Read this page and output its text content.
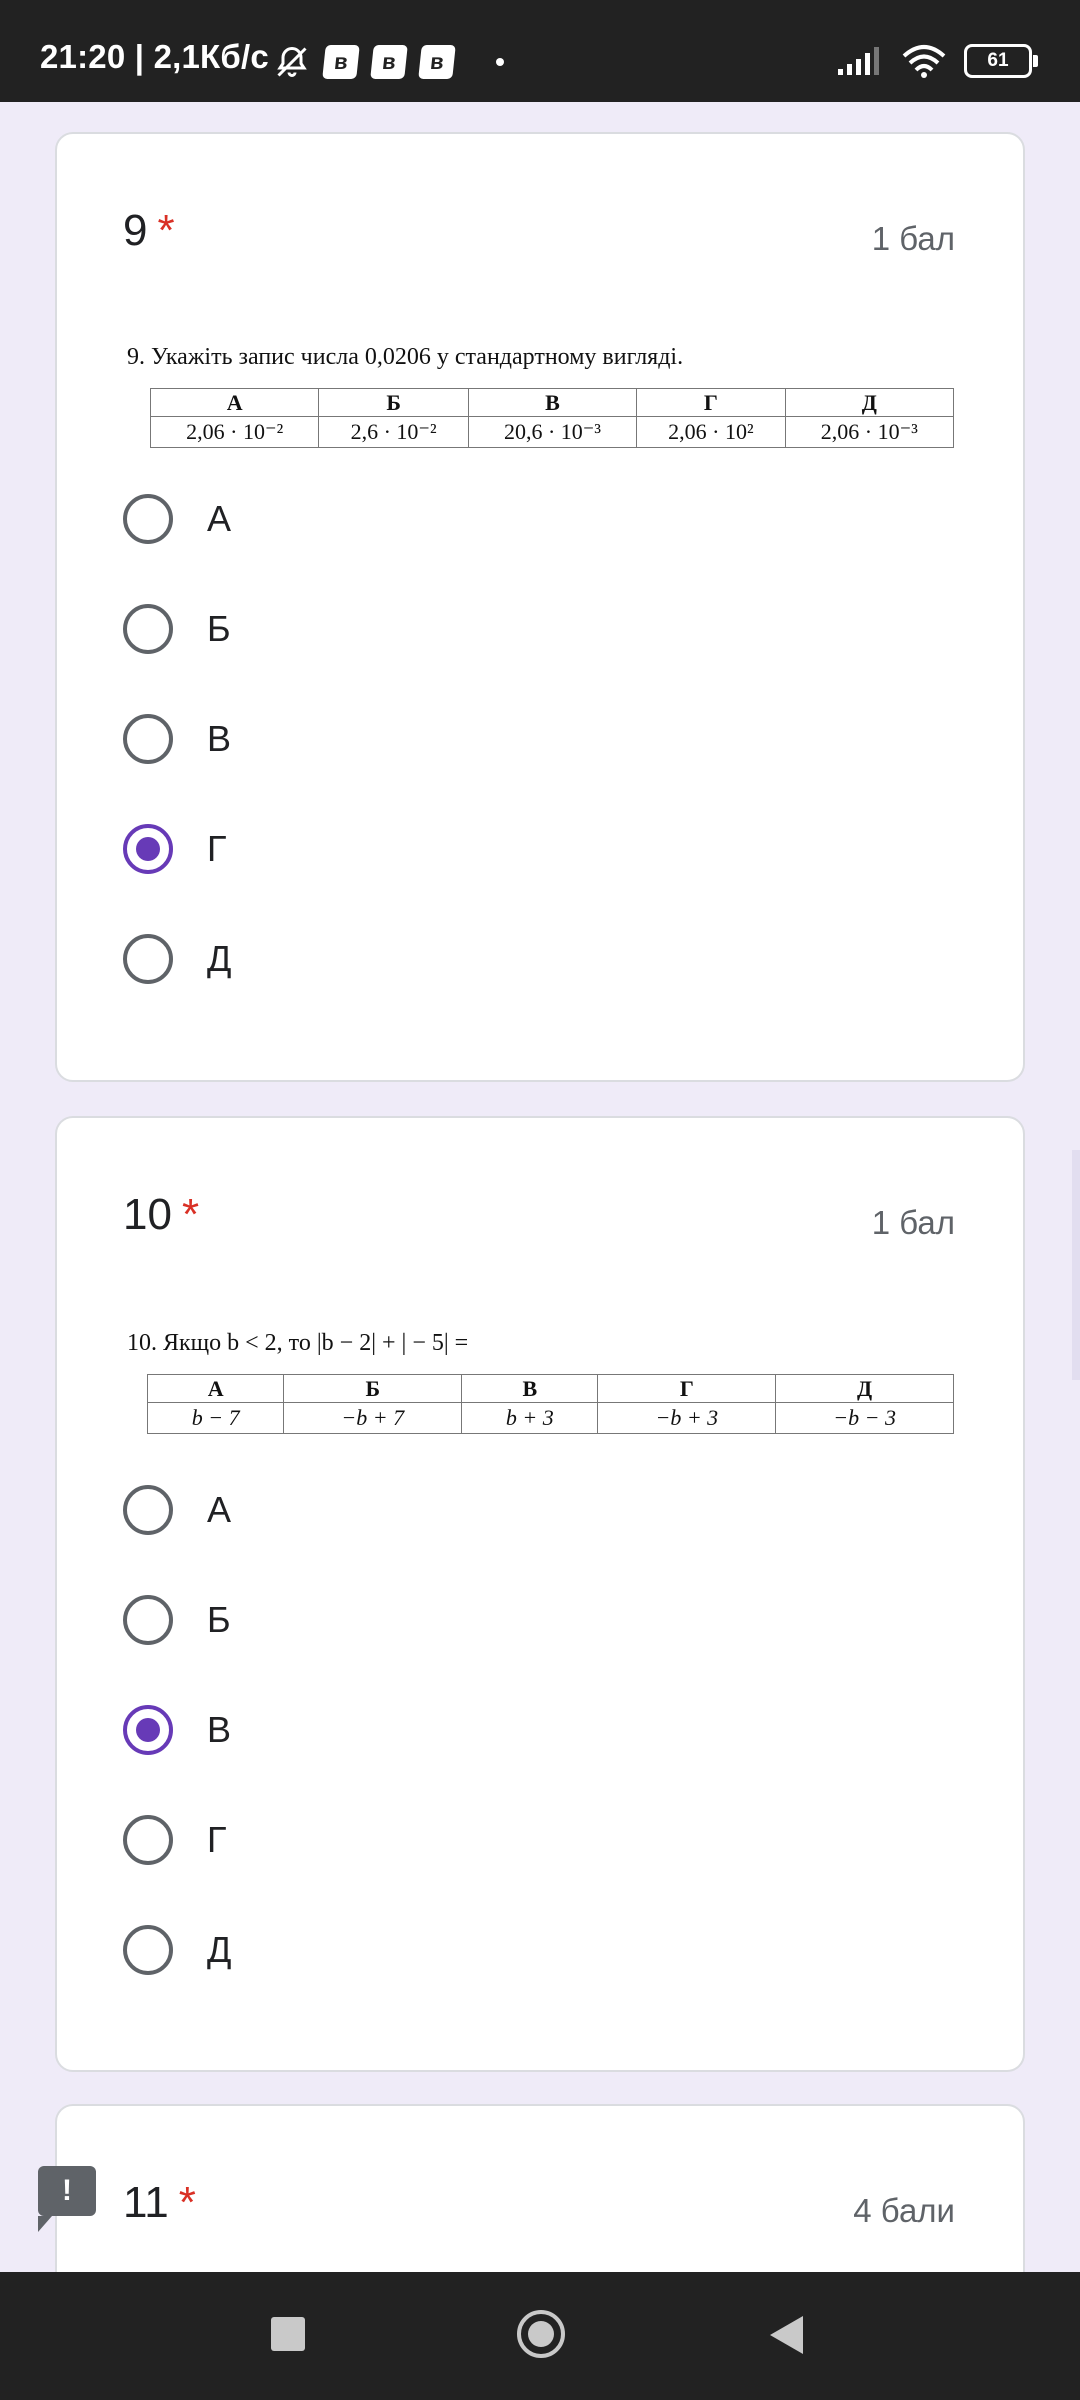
21:20 | 2,1Кб/с	в	в	в	61
9 *	1 бал
9. Укажіть запис числа 0,0206 у стандартному вигляді.
А	Б	В	Г	Д
2,06 · 10⁻²	2,6 · 10⁻²	20,6 · 10⁻³	2,06 · 10²	2,06 · 10⁻³
А
Б
В
Г
Д
10 *	1 бал
10. Якщо b < 2, то |b − 2| + | − 5| =
А	Б	В	Г	Д
b − 7	−b + 7	b + 3	−b + 3	−b − 3
А
Б
В
Г
Д
11 *	4 бали
!
